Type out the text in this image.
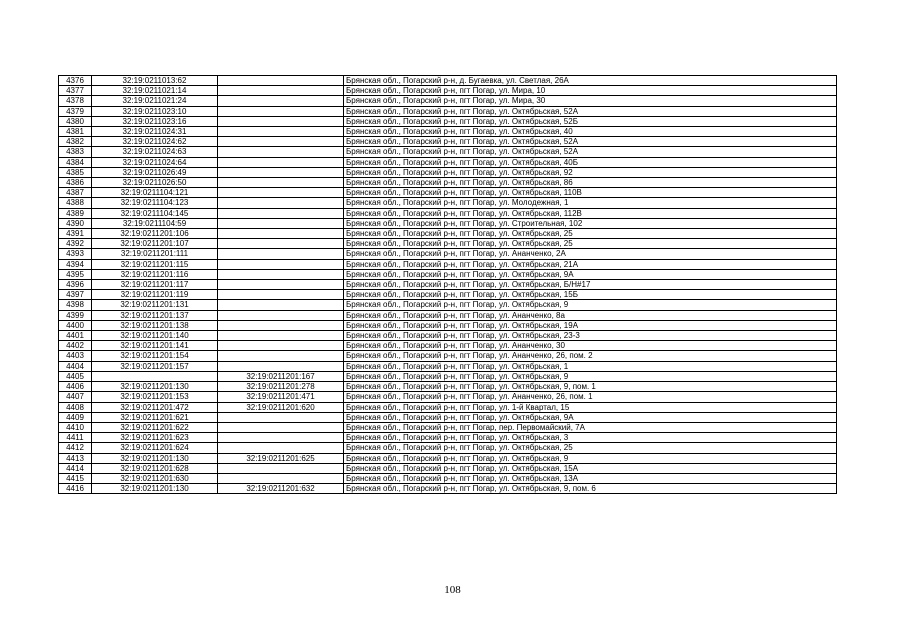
4376	32:19:0211013:62		Брянская обл., Погарский р-н, д. Бугаевка, ул. Светлая, 26А
4377	32:19:0211021:14		Брянская обл., Погарский р-н, пгт Погар, ул. Мира, 10
4378	32:19:0211021:24		Брянская обл., Погарский р-н, пгт Погар, ул. Мира, 30
4379	32:19:0211023:10		Брянская обл., Погарский р-н, пгт Погар, ул. Октябрьская, 52А
4380	32:19:0211023:16		Брянская обл., Погарский р-н, пгт Погар, ул. Октябрьская, 52Б
4381	32:19:0211024:31		Брянская обл., Погарский р-н, пгт Погар, ул. Октябрьская, 40
4382	32:19:0211024:62		Брянская обл., Погарский р-н, пгт Погар, ул. Октябрьская, 52А
4383	32:19:0211024:63		Брянская обл., Погарский р-н, пгт Погар, ул. Октябрьская, 52А
4384	32:19:0211024:64		Брянская обл., Погарский р-н, пгт Погар, ул. Октябрьская, 40Б
4385	32:19:0211026:49		Брянская обл., Погарский р-н, пгт Погар, ул. Октябрьская, 92
4386	32:19:0211026:50		Брянская обл., Погарский р-н, пгт Погар, ул. Октябрьская, 86
4387	32:19:0211104:121		Брянская обл., Погарский р-н, пгт Погар, ул. Октябрьская, 110В
4388	32:19:0211104:123		Брянская обл., Погарский р-н, пгт Погар, ул. Молодежная, 1
4389	32:19:0211104:145		Брянская обл., Погарский р-н, пгт Погар, ул. Октябрьская, 112В
4390	32:19:0211104:59		Брянская обл., Погарский р-н, пгт Погар, ул. Строительная, 102
4391	32:19:0211201:106		Брянская обл., Погарский р-н, пгт Погар, ул. Октябрьская, 25
4392	32:19:0211201:107		Брянская обл., Погарский р-н, пгт Погар, ул. Октябрьская, 25
4393	32:19:0211201:111		Брянская обл., Погарский р-н, пгт Погар, ул. Ананченко, 2А
4394	32:19:0211201:115		Брянская обл., Погарский р-н, пгт Погар, ул. Октябрьская, 21А
4395	32:19:0211201:116		Брянская обл., Погарский р-н, пгт Погар, ул. Октябрьская, 9А
4396	32:19:0211201:117		Брянская обл., Погарский р-н, пгт Погар, ул. Октябрьская, Б/Н#17
4397	32:19:0211201:119		Брянская обл., Погарский р-н, пгт Погар, ул. Октябрьская, 15Б
4398	32:19:0211201:131		Брянская обл., Погарский р-н, пгт Погар, ул. Октябрьская, 9
4399	32:19:0211201:137		Брянская обл., Погарский р-н, пгт Погар, ул. Ананченко, 8а
4400	32:19:0211201:138		Брянская обл., Погарский р-н, пгт Погар, ул. Октябрьская, 19А
4401	32:19:0211201:140		Брянская обл., Погарский р-н, пгт Погар, ул. Октябрьская, 23-3
4402	32:19:0211201:141		Брянская обл., Погарский р-н, пгт Погар, ул. Ананченко, 30
4403	32:19:0211201:154		Брянская обл., Погарский р-н, пгт Погар, ул. Ананченко, 26, пом. 2
4404	32:19:0211201:157		Брянская обл., Погарский р-н, пгт Погар, ул. Октябрьская, 1
4405		32:19:0211201:167	Брянская обл., Погарский р-н, пгт Погар, ул. Октябрьская, 9
4406	32:19:0211201:130	32:19:0211201:278	Брянская обл., Погарский р-н, пгт Погар, ул. Октябрьская, 9, пом. 1
4407	32:19:0211201:153	32:19:0211201:471	Брянская обл., Погарский р-н, пгт Погар, ул. Ананченко, 26, пом. 1
4408	32:19:0211201:472	32:19:0211201:620	Брянская обл., Погарский р-н, пгт Погар, ул. 1-й Квартал, 15
4409	32:19:0211201:621		Брянская обл., Погарский р-н, пгт Погар, ул. Октябрьская, 9А
4410	32:19:0211201:622		Брянская обл., Погарский р-н, пгт Погар, пер. Первомайский, 7А
4411	32:19:0211201:623		Брянская обл., Погарский р-н, пгт Погар, ул. Октябрьская, 3
4412	32:19:0211201:624		Брянская обл., Погарский р-н, пгт Погар, ул. Октябрьская, 25
4413	32:19:0211201:130	32:19:0211201:625	Брянская обл., Погарский р-н, пгт Погар, ул. Октябрьская, 9
4414	32:19:0211201:628		Брянская обл., Погарский р-н, пгт Погар, ул. Октябрьская, 15А
4415	32:19:0211201:630		Брянская обл., Погарский р-н, пгт Погар, ул. Октябрьская, 13А
4416	32:19:0211201:130	32:19:0211201:632	Брянская обл., Погарский р-н, пгт Погар, ул. Октябрьская, 9, пом. 6
108
